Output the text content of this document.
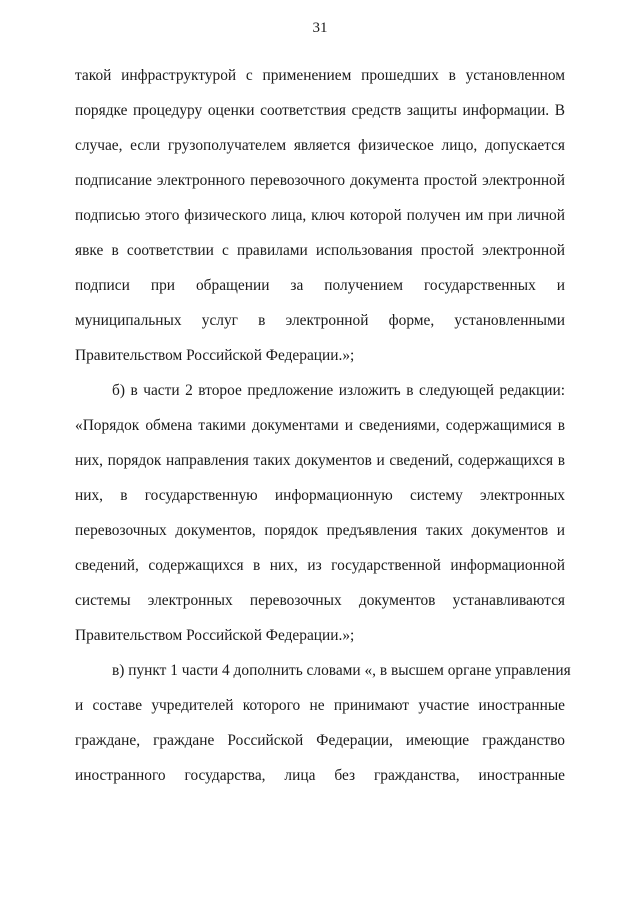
31
такой инфраструктурой с применением прошедших в установленном
порядке процедуру оценки соответствия средств защиты информации. В
случае, если грузополучателем является физическое лицо, допускается
подписание электронного перевозочного документа простой электронной
подписью этого физического лица, ключ которой получен им при личной
явке в соответствии с правилами использования простой электронной
подписи при обращении за получением государственных и
муниципальных услуг в электронной форме, установленными
Правительством Российской Федерации.»;
б) в части 2 второе предложение изложить в следующей редакции:
«Порядок обмена такими документами и сведениями, содержащимися в
них, порядок направления таких документов и сведений, содержащихся в
них, в государственную информационную систему электронных
перевозочных документов, порядок предъявления таких документов и
сведений, содержащихся в них, из государственной информационной
системы электронных перевозочных документов устанавливаются
Правительством Российской Федерации.»;
в) пункт 1 части 4 дополнить словами «, в высшем органе управления
и составе учредителей которого не принимают участие иностранные
граждане, граждане Российской Федерации, имеющие гражданство
иностранного государства, лица без гражданства, иностранные
